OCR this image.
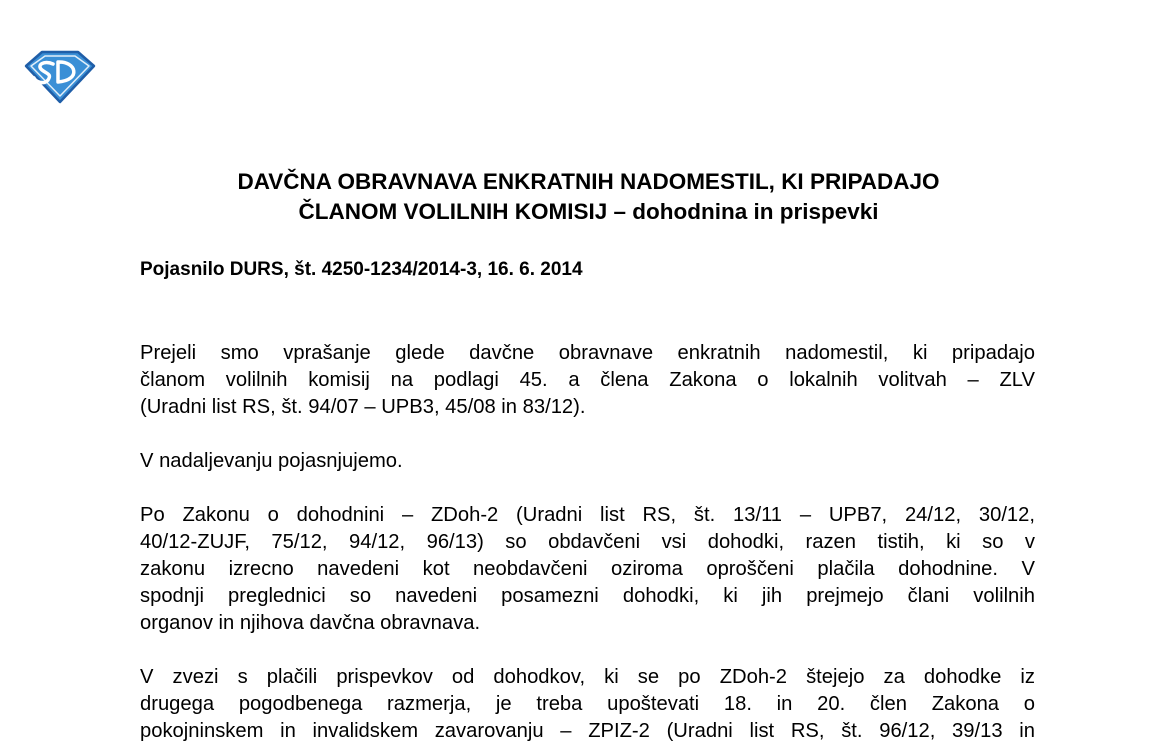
DAVČNA OBRAVNAVA ENKRATNIH NADOMESTIL, KI PRIPADAJO
ČLANOM VOLILNIH KOMISIJ – dohodnina in prispevki

Pojasnilo DURS, št. 4250-1234/2014-3, 16. 6. 2014

Prejeli smo vprašanje glede davčne obravnave enkratnih nadomestil, ki pripadajo
članom volilnih komisij na podlagi 45. a člena Zakona o lokalnih volitvah – ZLV
(Uradni list RS, št. 94/07 – UPB3, 45/08 in 83/12).

V nadaljevanju pojasnjujemo.

Po Zakonu o dohodnini – ZDoh-2 (Uradni list RS, št. 13/11 – UPB7, 24/12, 30/12,
40/12-ZUJF, 75/12, 94/12, 96/13) so obdavčeni vsi dohodki, razen tistih, ki so v
zakonu izrecno navedeni kot neobdavčeni oziroma oproščeni plačila dohodnine. V
spodnji preglednici so navedeni posamezni dohodki, ki jih prejmejo člani volilnih
organov in njihova davčna obravnava.

V zvezi s plačili prispevkov od dohodkov, ki se po ZDoh-2 štejejo za dohodke iz
drugega pogodbenega razmerja, je treba upoštevati 18. in 20. člen Zakona o
pokojninskem in invalidskem zavarovanju – ZPIZ-2 (Uradni list RS, št. 96/12, 39/13 in
